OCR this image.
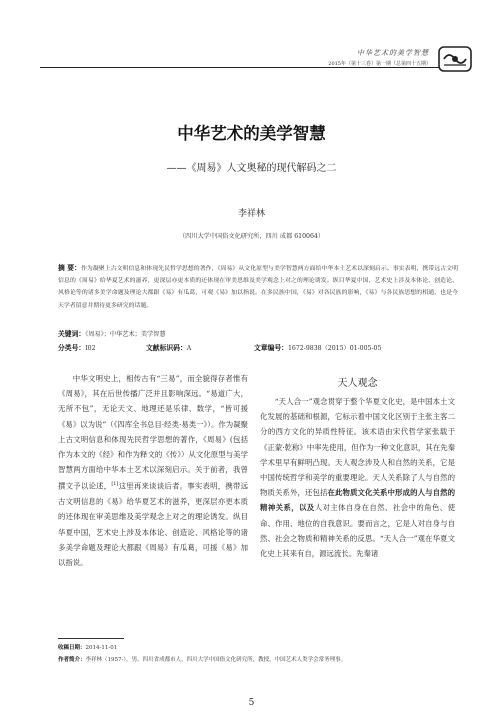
中华艺术的美学智慧
2015年（第十三卷）第一期（总第四十五期）
中华艺术的美学智慧
——《周易》人文奥秘的现代解码之二
李祥林
（四川大学中国俗文化研究所，四川 成都 610064）
摘 要：作为凝聚上古文明信息和体现先民哲学思想的著作，《周易》从文化原型与美学智慧两方面给中华本土艺术以深刻启示。事实表明，携带远古文明信息的《周易》给华夏艺术的滋养，更深层亦更本质的还体现在审美思维及美学观念上对之的理论诱发。纵目华夏中国，艺术史上涉及本体论、创造论、风格论等的诸多美学命题及理论大都跟《易》有瓜葛，可观《易》加以指说。在多民族中国，《易》对各民族的影响，《易》与各民族思想的相通，也是今天学者留意并期待更多研究的话题。
关键词：《周易》；中华艺术；美学智慧
分类号：I02	文献标识码：A	文章编号：1672-9838（2015）01-005-05

中华文明史上，相传古有“三易”，而全貌得存者惟有《周易》，其在后世传播广泛并且影响深远。“易道广大，无所不包”，无论天文、地理还是乐律、数学，“皆可援《易》以为说”（《四库全书总目·经类·易类一》）。作为凝聚上古文明信息和体现先民哲学思想的著作，《周易》(包括作为本文的《经》和作为释文的《传》）从文化原型与美学智慧两方面给中华本土艺术以深刻启示。关于前者，我曾撰文予以论述，[1]这里再来谈谈后者。事实表明，携带远古文明信息的《易》给华夏艺术的滋养，更深层亦更本质的还体现在审美思维及美学观念上对之的理论诱发。纵目华夏中国，艺术史上涉及本体论、创造论、风格论等的诸多美学命题及理论大都跟《周易》有瓜葛，可援《易》加以指说。

天人观念

“天人合一”观念贯穿于整个华夏文化史，是中国本土文化发展的基础和根源，它标示着中国文化区别于主张主客二分的西方文化的异质性特征。该术语由宋代哲学家张载于《正蒙·乾称》中率先使用，但作为一种文化意识，其在先秦学术里早有鲜明凸现。天人观念涉及人和自然的关系，它是中国传统哲学和美学的重要理论。天人关系除了人与自然的物质关系外，还包括在此物质文化关系中形成的人与自然的精神关系，以及人对主体自身在自然、社会中的角色、使命、作用、地位的自我意识。要而言之，它是人对自身与自然、社会之物质和精神关系的反思。“天人合一”观在华夏文化史上其来有自，源远流长。先秦诸

收稿日期：2014-11-01
作者简介：李祥林（1957-），男，四川省成都市人，四川大学中国俗文化研究所，教授，中国艺术人类学会常务理事。
5
